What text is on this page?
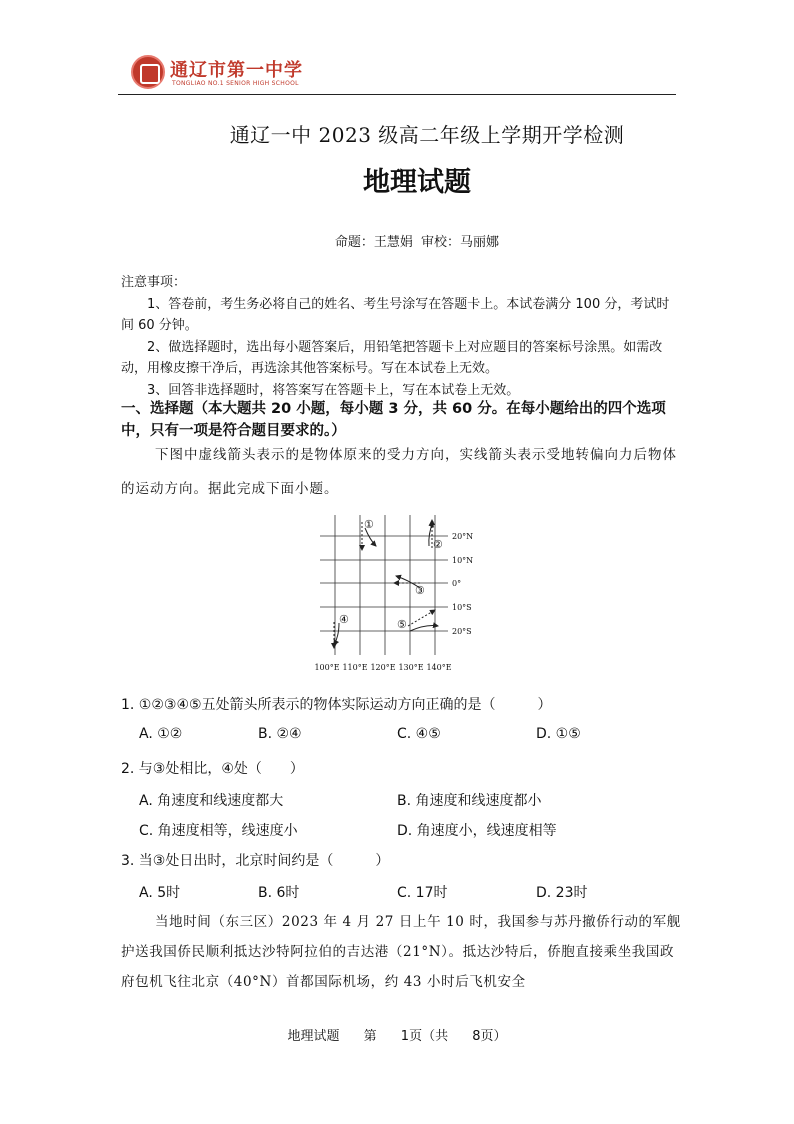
通辽市第一中学
TONGLIAO NO.1 SENIOR HIGH SCHOOL
通辽一中 2023 级高二年级上学期开学检测
地理试题
命题：王慧娟 审校：马丽娜

注意事项：

1、答卷前，考生务必将自己的姓名、考生号涂写在答题卡上。本试卷满分 100 分，考试时间 60 分钟。

2、做选择题时，选出每小题答案后，用铅笔把答题卡上对应题目的答案标号涂黑。如需改动，用橡皮擦干净后，再选涂其他答案标号。写在本试卷上无效。

3、回答非选择题时，将答案写在答题卡上，写在本试卷上无效。

一、选择题（本大题共 20 小题，每小题 3 分，共 60 分。在每小题给出的四个选项中，只有一项是符合题目要求的。）
下图中虚线箭头表示的是物体原来的受力方向，实线箭头表示受地转偏向力后物体的运动方向。据此完成下面小题。
①
②
③
④	⑤
20°N
10°N
0°
10°S
20°S
100°E 110°E 120°E 130°E 140°E
1. ①②③④⑤五处箭头所表示的物体实际运动方向正确的是（　　　）
A. ①②	B. ②④	C. ④⑤	D. ①⑤
2. 与③处相比，④处（　　）
A. 角速度和线速度都大	B. 角速度和线速度都小
C. 角速度相等，线速度小	D. 角速度小，线速度相等
3. 当③处日出时，北京时间约是（　　　）
A. 5时	B. 6时	C. 17时	D. 23时
当地时间（东三区）2023 年 4 月 27 日上午 10 时，我国参与苏丹撤侨行动的军舰护送我国侨民顺利抵达沙特阿拉伯的吉达港（21°N）。抵达沙特后，侨胞直接乘坐我国政府包机飞往北京（40°N）首都国际机场，约 43 小时后飞机安全
地理试题 第 1页（共 8页）
